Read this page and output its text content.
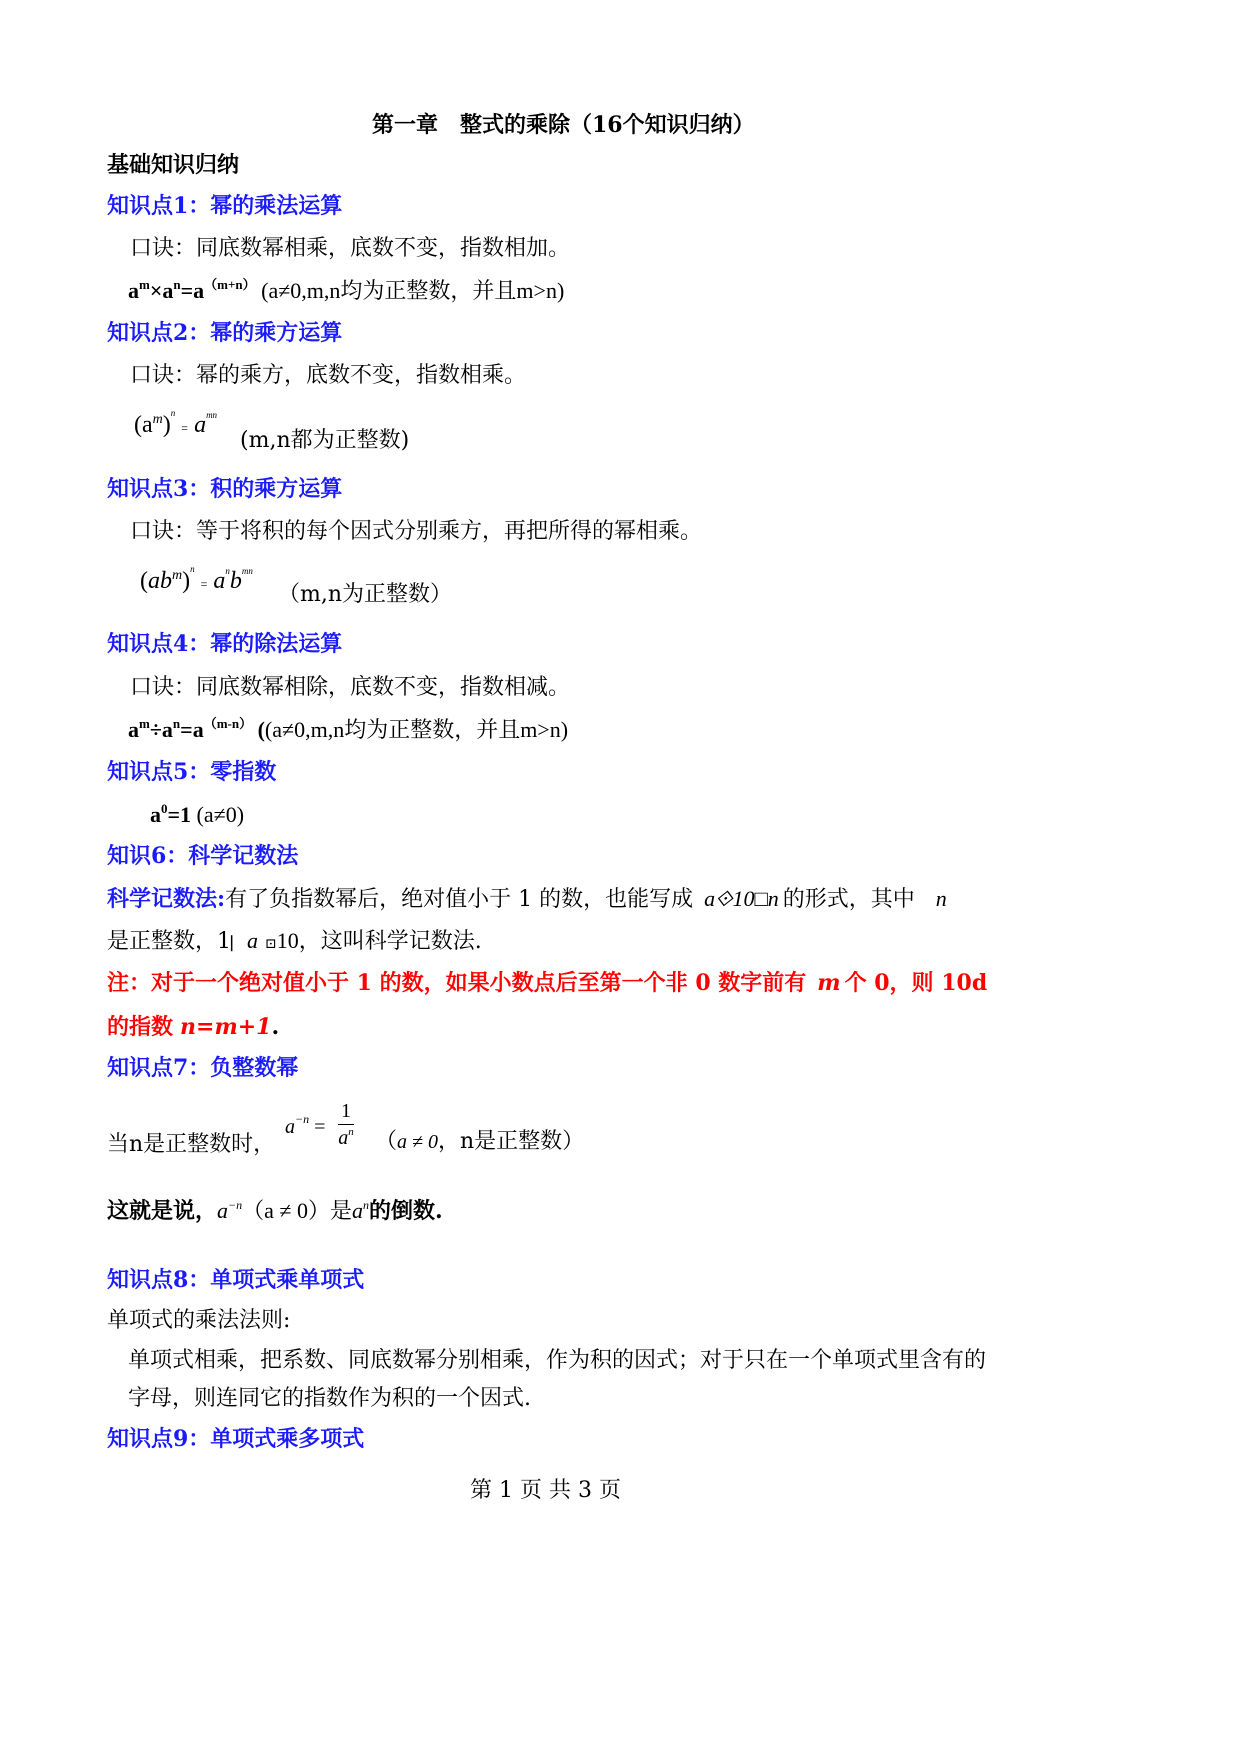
第一章　整式的乘除（16个知识归纳）
基础知识归纳
知识点1：幂的乘法运算
口诀：同底数幂相乘，底数不变，指数相加。
$a^m\times a^n=a^{(m+n)}$ (a≠0,m,n均为正整数，并且m>n)
知识点2：幂的乘方运算
口诀：幂的乘方，底数不变，指数相乘。
$(a^m)^n = a^{mn}$
(m,n都为正整数)
知识点3：积的乘方运算
口诀：等于将积的每个因式分别乘方，再把所得的幂相乘。
$(ab^m)^n = a^nb^{mn}$
（m,n为正整数）
知识点4：幂的除法运算
口诀：同底数幂相除，底数不变，指数相减。
$a^m\div a^n=a^{(m-n)}$ ((a≠0,m,n均为正整数，并且m>n)
知识点5：零指数
$a^0=1$ (a≠0)
知识6：科学记数法
科学记数法:有了负指数幂后，绝对值小于 1 的数，也能写成 a⟐10□n 的形式，其中 n
是正整数，1⎸a ⊡10，这叫科学记数法.
注：对于一个绝对值小于 1 的数，如果小数点后至第一个非 0 数字前有 m 个 0，则 10d
的指数 n=m+1.
知识点7：负整数幂
$a^{-n} = \frac{1}{a^n}$
当n是正整数时，	（a ≠ 0，n是正整数）
这就是说，$a^{-n}(a \ne 0)$是$a^n$的倒数.
知识点8：单项式乘单项式
单项式的乘法法则:
单项式相乘，把系数、同底数幂分别相乘，作为积的因式；对于只在一个单项式里含有的
字母，则连同它的指数作为积的一个因式.
知识点9：单项式乘多项式
第 1 页 共 3 页
